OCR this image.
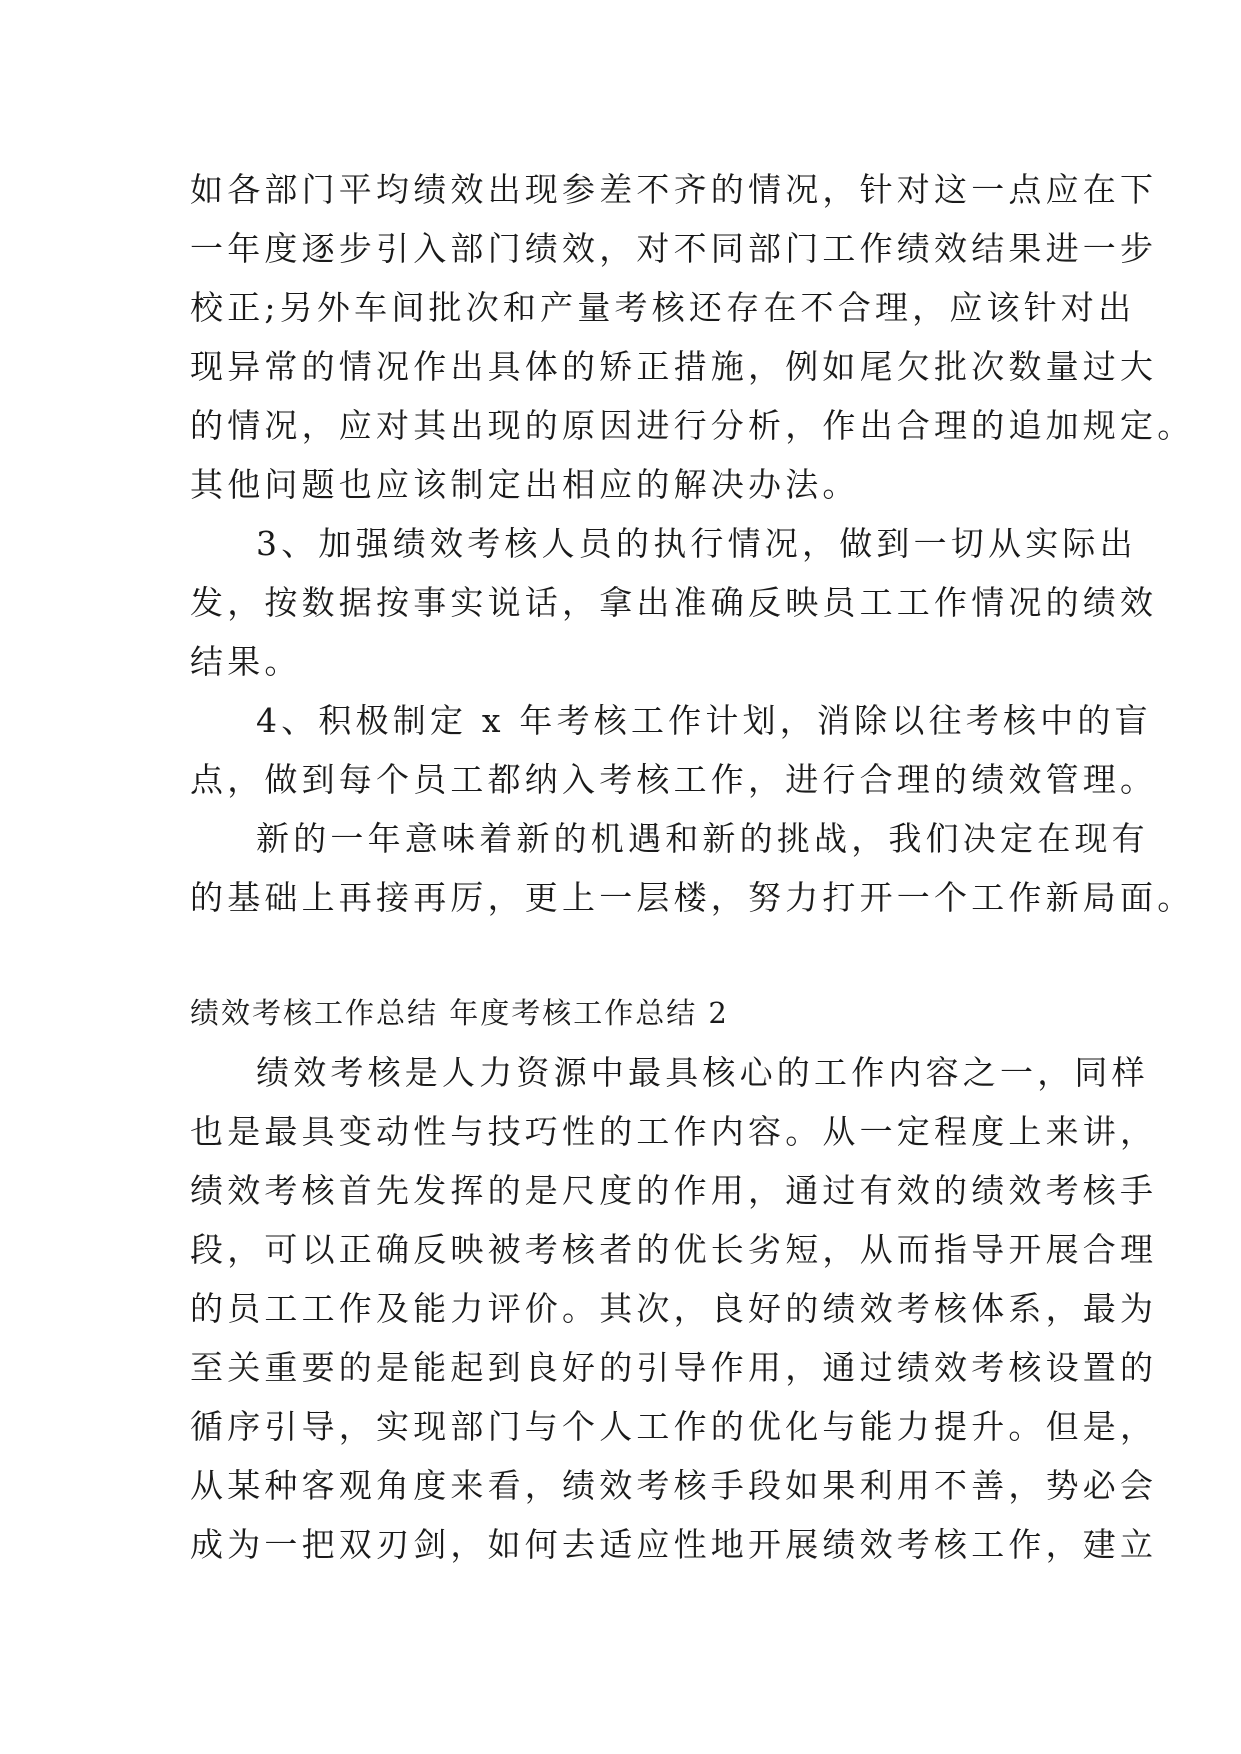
如各部门平均绩效出现参差不齐的情况，针对这一点应在下
一年度逐步引入部门绩效，对不同部门工作绩效结果进一步
校正;另外车间批次和产量考核还存在不合理，应该针对出
现异常的情况作出具体的矫正措施，例如尾欠批次数量过大
的情况，应对其出现的原因进行分析，作出合理的追加规定。
其他问题也应该制定出相应的解决办法。
3、加强绩效考核人员的执行情况，做到一切从实际出
发，按数据按事实说话，拿出准确反映员工工作情况的绩效
结果。
4、积极制定 x 年考核工作计划，消除以往考核中的盲
点，做到每个员工都纳入考核工作，进行合理的绩效管理。
新的一年意味着新的机遇和新的挑战，我们决定在现有
的基础上再接再厉，更上一层楼，努力打开一个工作新局面。
绩效考核工作总结 年度考核工作总结 2
绩效考核是人力资源中最具核心的工作内容之一，同样
也是最具变动性与技巧性的工作内容。从一定程度上来讲，
绩效考核首先发挥的是尺度的作用，通过有效的绩效考核手
段，可以正确反映被考核者的优长劣短，从而指导开展合理
的员工工作及能力评价。其次，良好的绩效考核体系，最为
至关重要的是能起到良好的引导作用，通过绩效考核设置的
循序引导，实现部门与个人工作的优化与能力提升。但是，
从某种客观角度来看，绩效考核手段如果利用不善，势必会
成为一把双刃剑，如何去适应性地开展绩效考核工作，建立
